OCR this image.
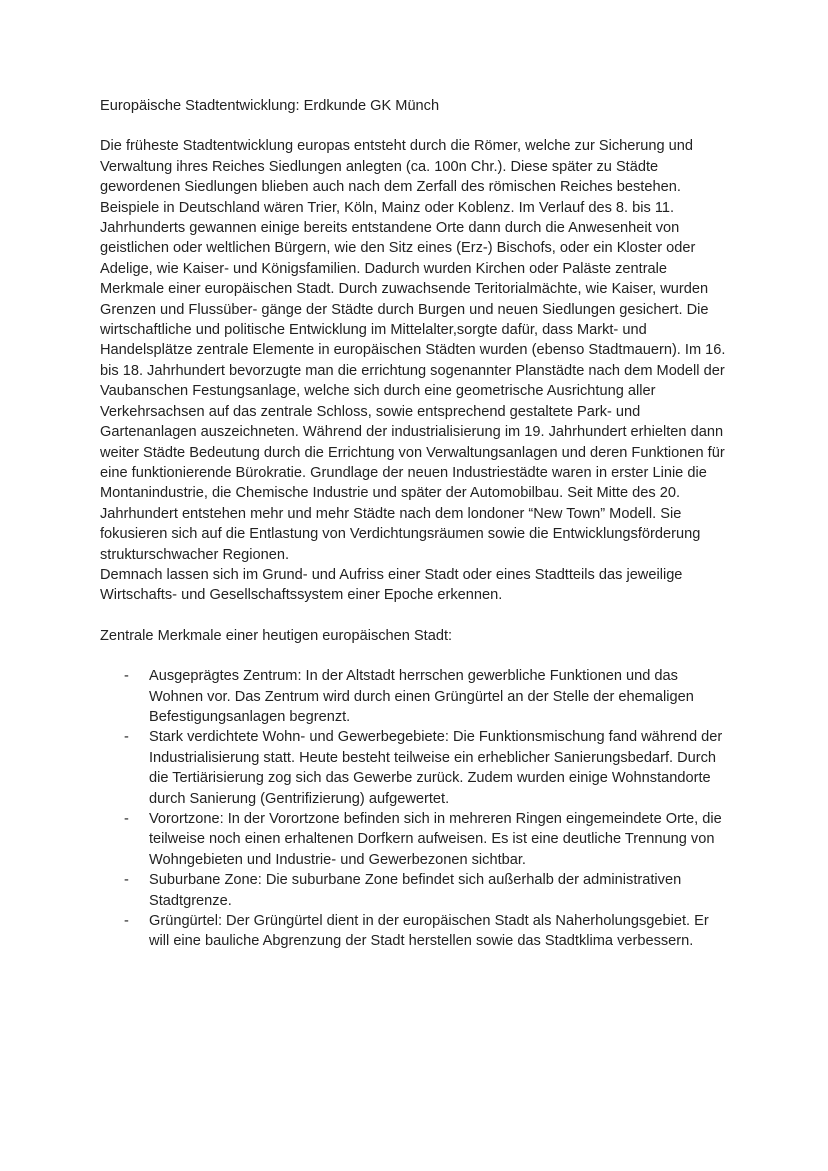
Europäische Stadtentwicklung: Erdkunde GK Münch

Die früheste Stadtentwicklung europas entsteht durch die Römer, welche zur Sicherung und Verwaltung ihres Reiches Siedlungen anlegten (ca. 100n Chr.). Diese später zu Städte gewordenen Siedlungen blieben auch nach dem Zerfall des römischen Reiches bestehen. Beispiele in Deutschland wären Trier, Köln, Mainz oder Koblenz. Im Verlauf des 8. bis 11. Jahrhunderts gewannen einige bereits entstandene Orte dann durch die Anwesenheit von geistlichen oder weltlichen Bürgern, wie den Sitz eines (Erz-) Bischofs, oder ein Kloster oder Adelige, wie Kaiser- und Königsfamilien. Dadurch wurden Kirchen oder Paläste zentrale Merkmale einer europäischen Stadt. Durch zuwachsende Teritorialmächte, wie Kaiser, wurden Grenzen und Flussüber- gänge der Städte durch Burgen und neuen Siedlungen gesichert. Die wirtschaftliche und politische Entwicklung im Mittelalter,sorgte dafür, dass Markt- und Handelsplätze zentrale Elemente in europäischen Städten wurden (ebenso Stadtmauern). Im 16. bis 18. Jahrhundert bevorzugte man die errichtung sogenannter Planstädte nach dem Modell der Vaubanschen Festungsanlage, welche sich durch eine geometrische Ausrichtung aller Verkehrsachsen auf das zentrale Schloss, sowie entsprechend gestaltete Park- und Gartenanlagen auszeichneten. Während der industrialisierung im 19. Jahrhundert erhielten dann weiter Städte Bedeutung durch die Errichtung von Verwaltungsanlagen und deren Funktionen für eine funktionierende Bürokratie. Grundlage der neuen Industriestädte waren in erster Linie die Montanindustrie, die Chemische Industrie und später der Automobilbau. Seit Mitte des 20. Jahrhundert entstehen mehr und mehr Städte nach dem londoner “New Town” Modell. Sie fokusieren sich auf die Entlastung von Verdichtungsräumen sowie die Entwicklungsförderung strukturschwacher Regionen.

Demnach lassen sich im Grund- und Aufriss einer Stadt oder eines Stadtteils das jeweilige Wirtschafts- und Gesellschaftssystem einer Epoche erkennen.

Zentrale Merkmale einer heutigen europäischen Stadt:
- Ausgeprägtes Zentrum: In der Altstadt herrschen gewerbliche Funktionen und das Wohnen vor. Das Zentrum wird durch einen Grüngürtel an der Stelle der ehemaligen Befestigungsanlagen begrenzt.
- Stark verdichtete Wohn- und Gewerbegebiete: Die Funktionsmischung fand während der Industrialisierung statt. Heute besteht teilweise ein erheblicher Sanierungsbedarf. Durch die Tertiärisierung zog sich das Gewerbe zurück. Zudem wurden einige Wohnstandorte durch Sanierung (Gentrifizierung) aufgewertet.
- Vorortzone: In der Vorortzone befinden sich in mehreren Ringen eingemeindete Orte, die teilweise noch einen erhaltenen Dorfkern aufweisen. Es ist eine deutliche Trennung von Wohngebieten und Industrie- und Gewerbezonen sichtbar.
- Suburbane Zone: Die suburbane Zone befindet sich außerhalb der administrativen Stadtgrenze.
- Grüngürtel: Der Grüngürtel dient in der europäischen Stadt als Naherholungsgebiet. Er will eine bauliche Abgrenzung der Stadt herstellen sowie das Stadtklima verbessern.
